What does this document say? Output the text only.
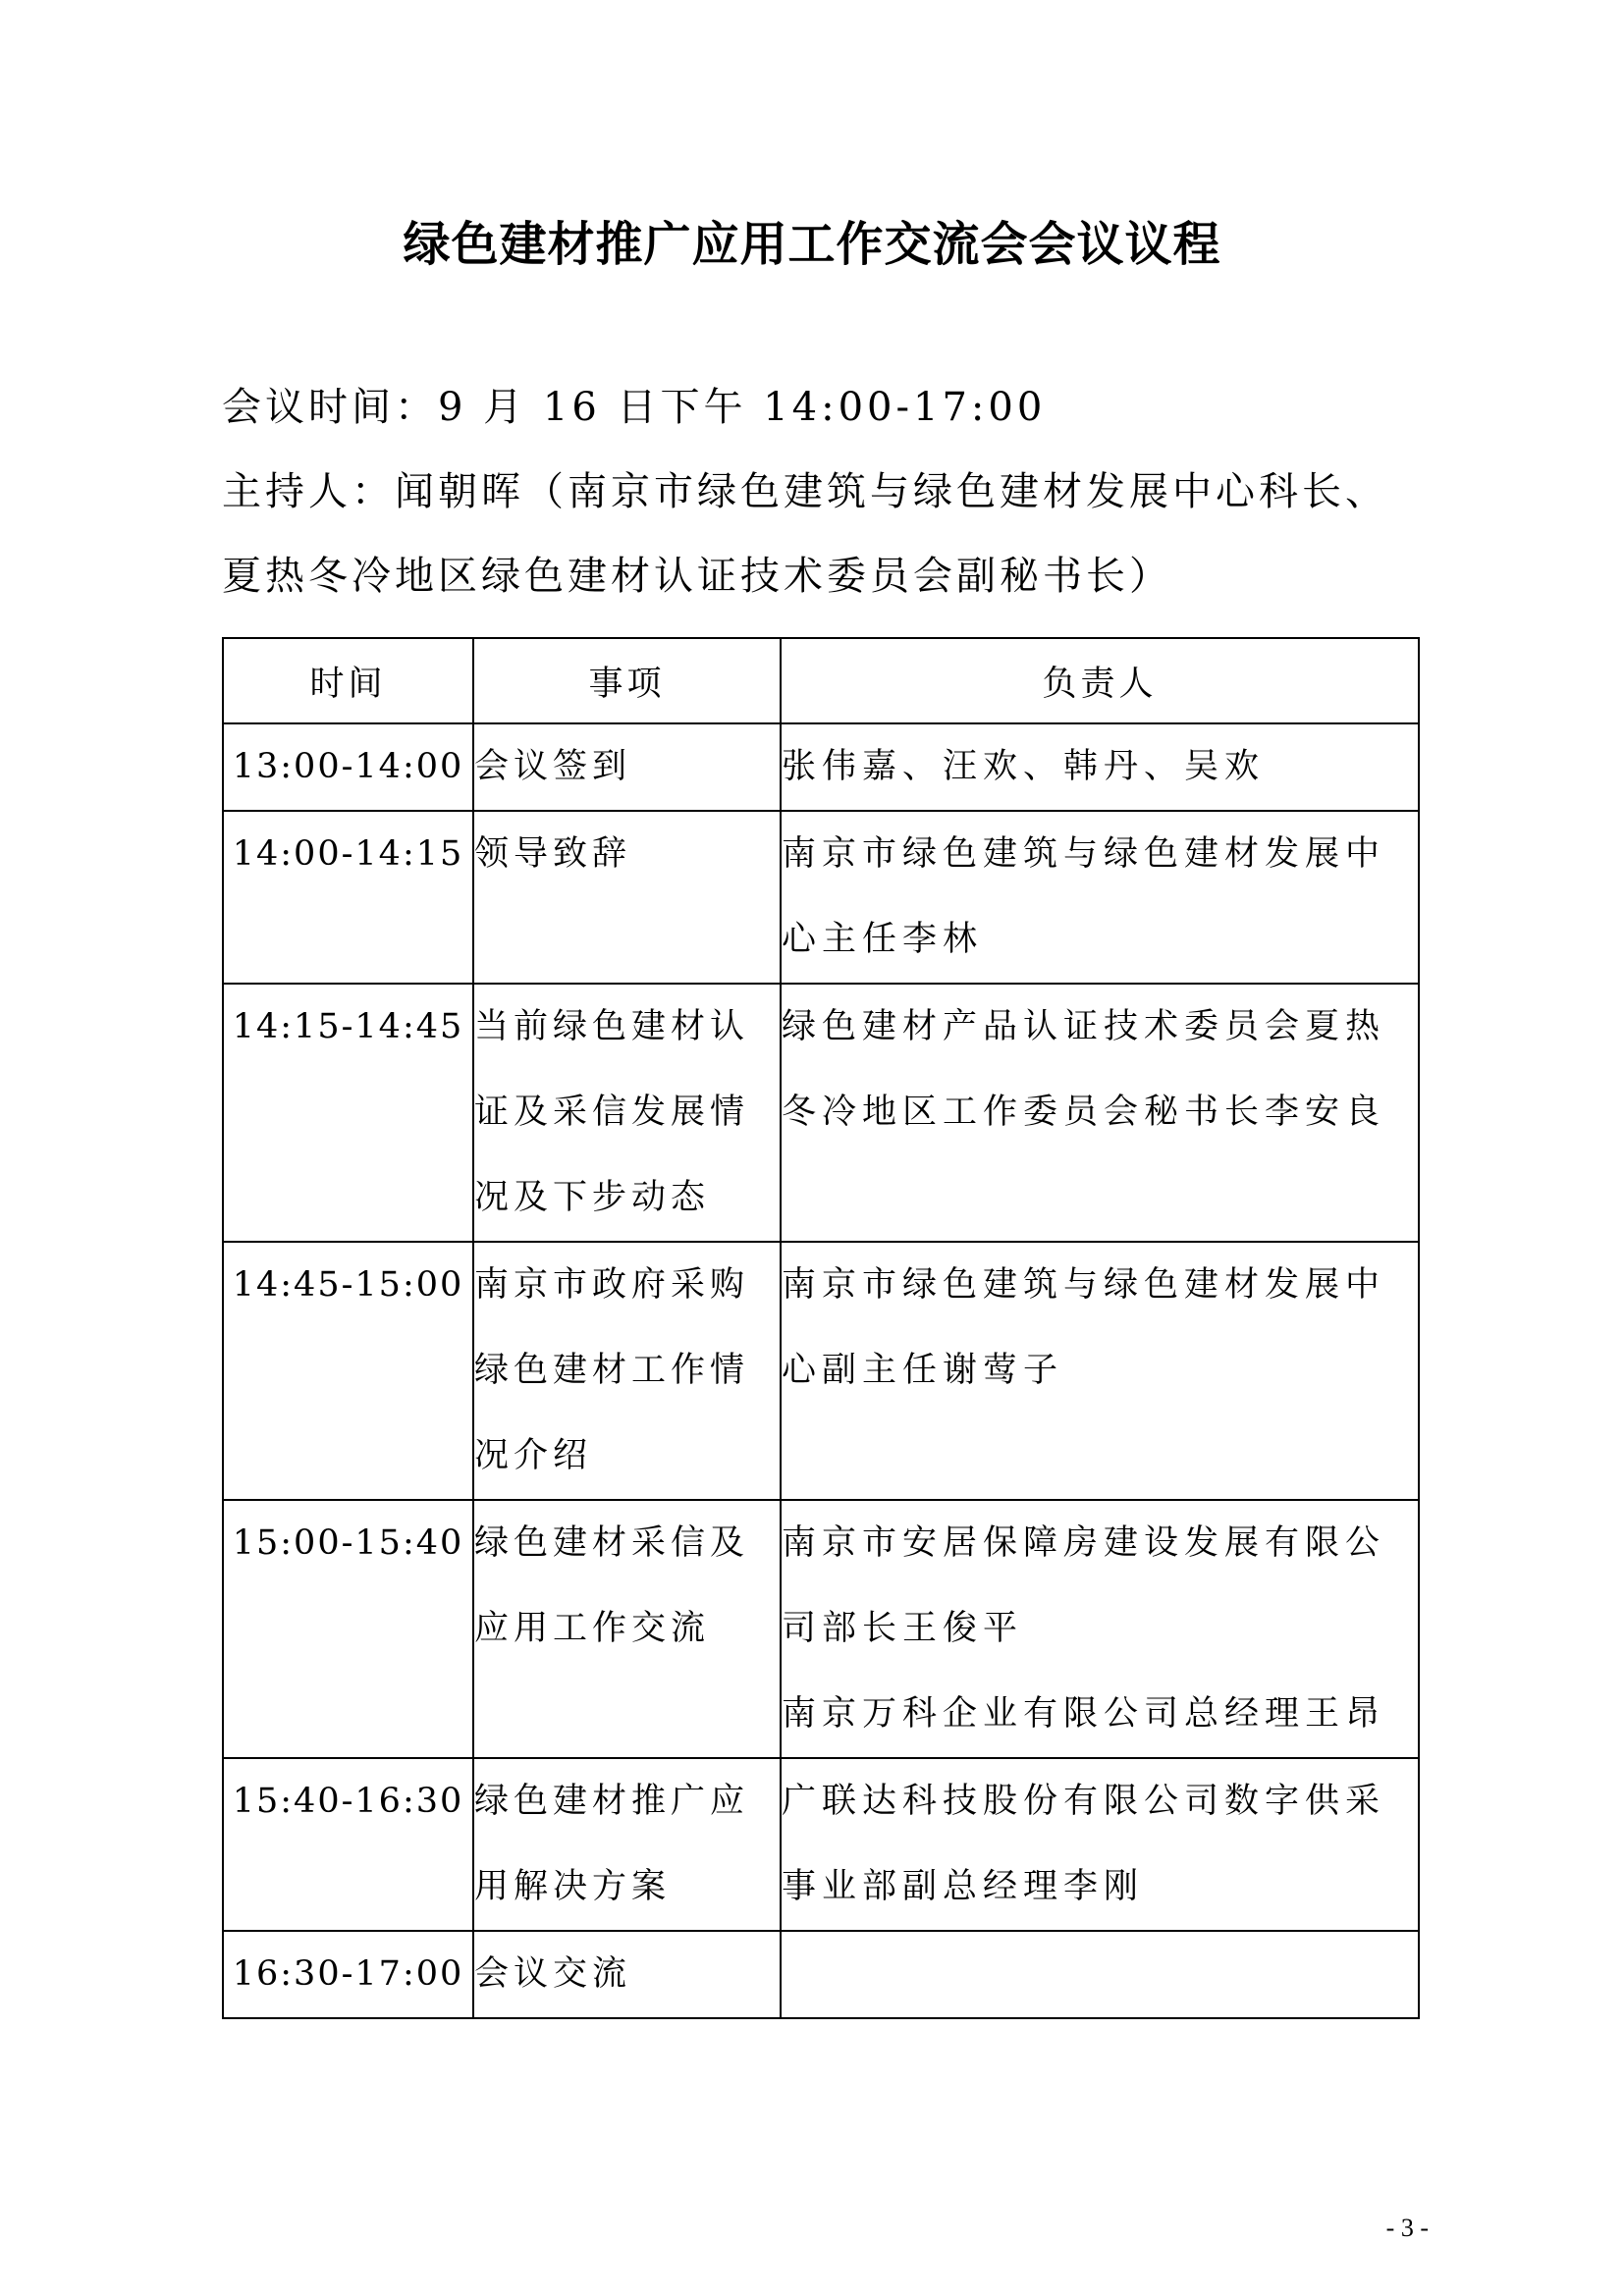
绿色建材推广应用工作交流会会议议程
会议时间：9 月 16 日下午 14:00-17:00
主持人：闻朝晖（南京市绿色建筑与绿色建材发展中心科长、夏热冬冷地区绿色建材认证技术委员会副秘书长）
时间	事项	负责人
13:00-14:00	会议签到	张伟嘉、汪欢、韩丹、吴欢

14:00-14:15	领导致辞	南京市绿色建筑与绿色建材发展中心主任李林

14:15-14:45	当前绿色建材认证及采信发展情况及下步动态	绿色建材产品认证技术委员会夏热冬冷地区工作委员会秘书长李安良

14:45-15:00	南京市政府采购绿色建材工作情况介绍	南京市绿色建筑与绿色建材发展中心副主任谢莺子

15:00-15:40	绿色建材采信及应用工作交流	南京市安居保障房建设发展有限公司部长王俊平
南京万科企业有限公司总经理王昂

15:40-16:30	绿色建材推广应用解决方案	广联达科技股份有限公司数字供采事业部副总经理李刚

16:30-17:00	会议交流	
- 3 -
